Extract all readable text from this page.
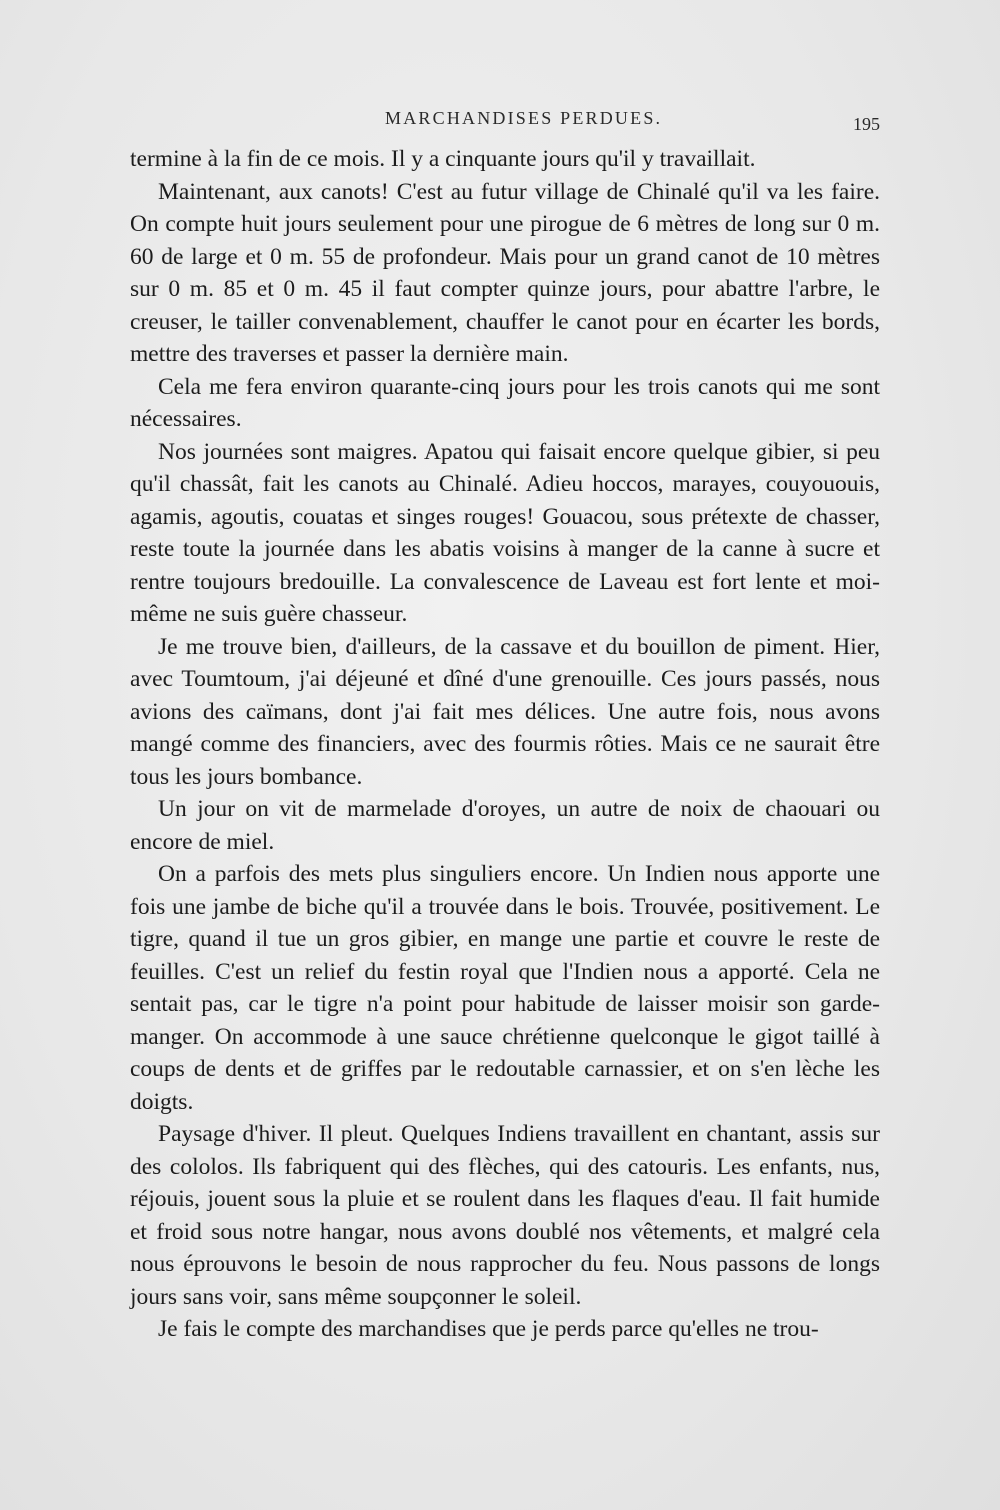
MARCHANDISES PERDUES.	195

termine à la fin de ce mois. Il y a cinquante jours qu'il y travaillait.

Maintenant, aux canots! C'est au futur village de Chinalé qu'il va les faire. On compte huit jours seulement pour une pirogue de 6 mètres de long sur 0 m. 60 de large et 0 m. 55 de profondeur. Mais pour un grand canot de 10 mètres sur 0 m. 85 et 0 m. 45 il faut compter quinze jours, pour abattre l'arbre, le creuser, le tailler convenablement, chauffer le canot pour en écarter les bords, mettre des traverses et passer la dernière main.

Cela me fera environ quarante-cinq jours pour les trois canots qui me sont nécessaires.

Nos journées sont maigres. Apatou qui faisait encore quelque gibier, si peu qu'il chassât, fait les canots au Chinalé. Adieu hoccos, marayes, couyououis, agamis, agoutis, couatas et singes rouges! Gouacou, sous prétexte de chasser, reste toute la journée dans les abatis voisins à manger de la canne à sucre et rentre toujours bredouille. La convalescence de Laveau est fort lente et moi-même ne suis guère chasseur.

Je me trouve bien, d'ailleurs, de la cassave et du bouillon de piment. Hier, avec Toumtoum, j'ai déjeuné et dîné d'une grenouille. Ces jours passés, nous avions des caïmans, dont j'ai fait mes délices. Une autre fois, nous avons mangé comme des financiers, avec des fourmis rôties. Mais ce ne saurait être tous les jours bombance.

Un jour on vit de marmelade d'oroyes, un autre de noix de chaouari ou encore de miel.

On a parfois des mets plus singuliers encore. Un Indien nous apporte une fois une jambe de biche qu'il a trouvée dans le bois. Trouvée, positivement. Le tigre, quand il tue un gros gibier, en mange une partie et couvre le reste de feuilles. C'est un relief du festin royal que l'Indien nous a apporté. Cela ne sentait pas, car le tigre n'a point pour habitude de laisser moisir son garde-manger. On accommode à une sauce chrétienne quelconque le gigot taillé à coups de dents et de griffes par le redoutable carnassier, et on s'en lèche les doigts.

Paysage d'hiver. Il pleut. Quelques Indiens travaillent en chantant, assis sur des cololos. Ils fabriquent qui des flèches, qui des catouris. Les enfants, nus, réjouis, jouent sous la pluie et se roulent dans les flaques d'eau. Il fait humide et froid sous notre hangar, nous avons doublé nos vêtements, et malgré cela nous éprouvons le besoin de nous rapprocher du feu. Nous passons de longs jours sans voir, sans même soupçonner le soleil.

Je fais le compte des marchandises que je perds parce qu'elles ne trou-
